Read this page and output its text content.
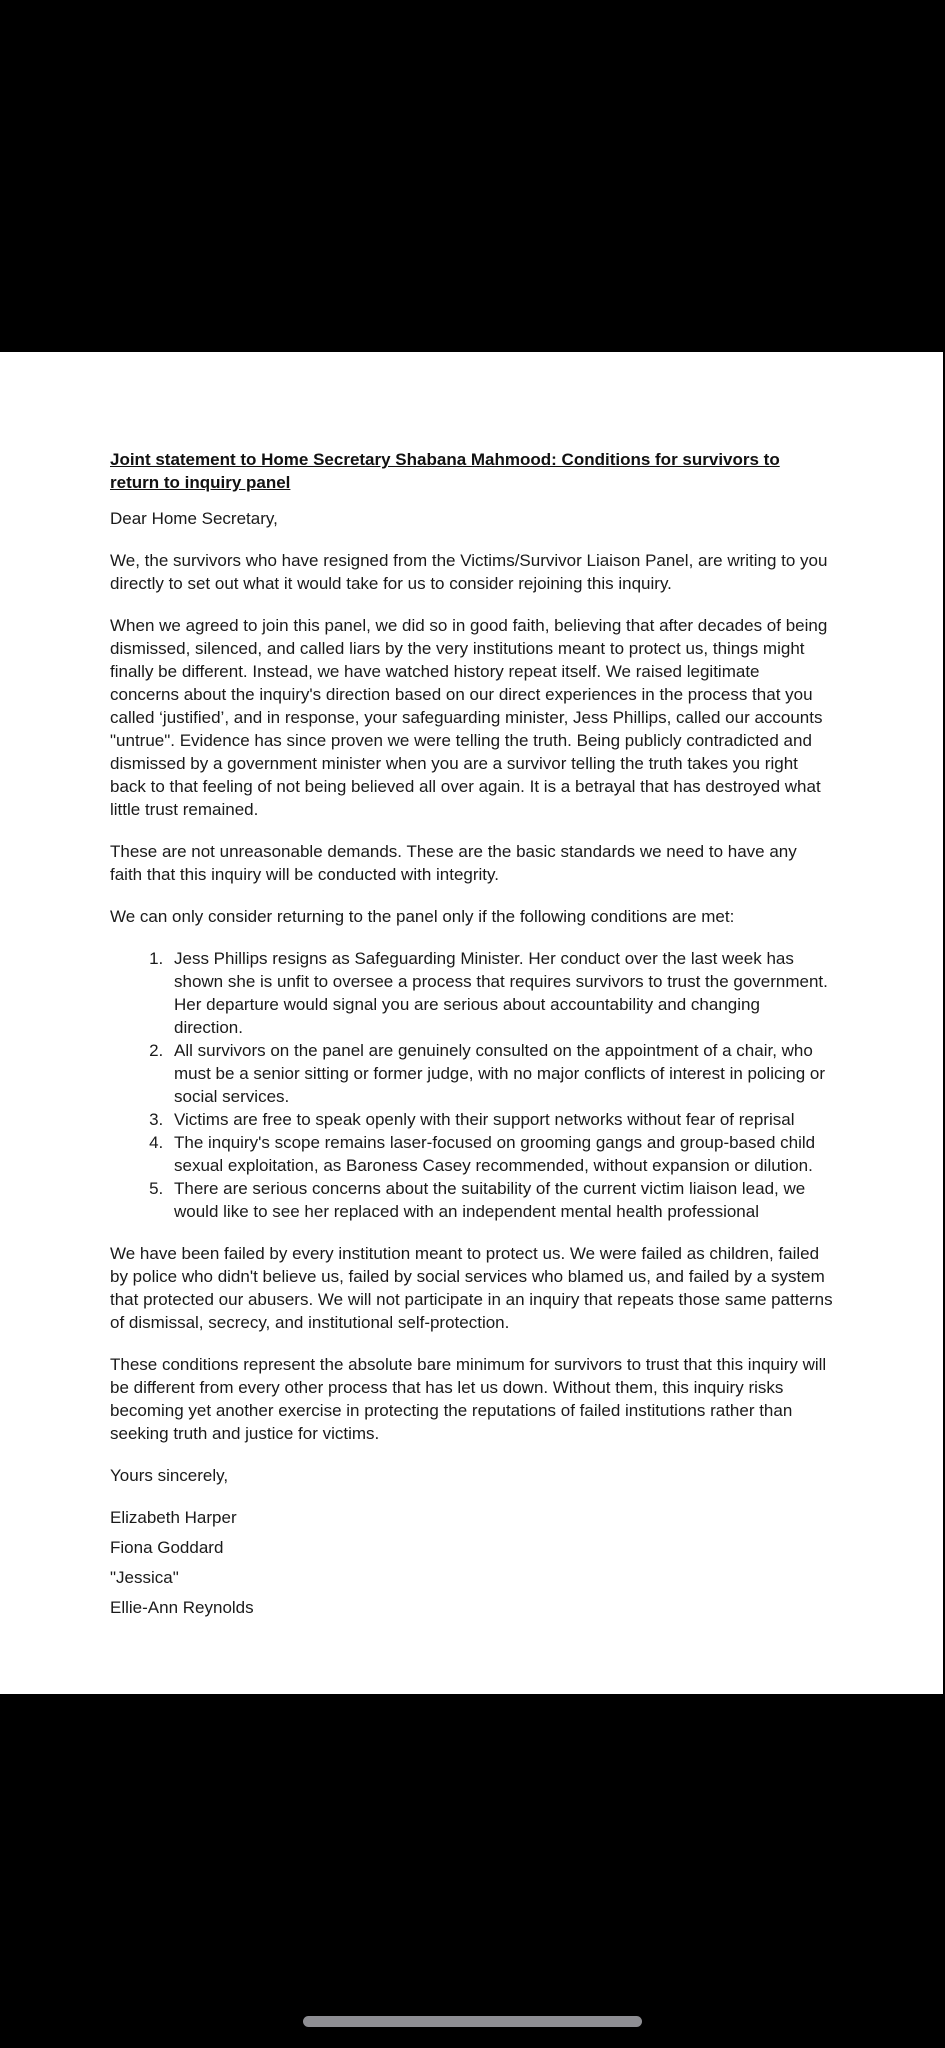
Joint statement to Home Secretary Shabana Mahmood: Conditions for survivors to return to inquiry panel

Dear Home Secretary,

We, the survivors who have resigned from the Victims/Survivor Liaison Panel, are writing to you directly to set out what it would take for us to consider rejoining this inquiry.

When we agreed to join this panel, we did so in good faith, believing that after decades of being dismissed, silenced, and called liars by the very institutions meant to protect us, things might finally be different. Instead, we have watched history repeat itself. We raised legitimate concerns about the inquiry's direction based on our direct experiences in the process that you called ‘justified’, and in response, your safeguarding minister, Jess Phillips, called our accounts "untrue". Evidence has since proven we were telling the truth. Being publicly contradicted and dismissed by a government minister when you are a survivor telling the truth takes you right back to that feeling of not being believed all over again. It is a betrayal that has destroyed what little trust remained.

These are not unreasonable demands. These are the basic standards we need to have any faith that this inquiry will be conducted with integrity.

We can only consider returning to the panel only if the following conditions are met:

1. Jess Phillips resigns as Safeguarding Minister. Her conduct over the last week has shown she is unfit to oversee a process that requires survivors to trust the government. Her departure would signal you are serious about accountability and changing direction.
2. All survivors on the panel are genuinely consulted on the appointment of a chair, who must be a senior sitting or former judge, with no major conflicts of interest in policing or social services.
3. Victims are free to speak openly with their support networks without fear of reprisal
4. The inquiry's scope remains laser-focused on grooming gangs and group-based child sexual exploitation, as Baroness Casey recommended, without expansion or dilution.
5. There are serious concerns about the suitability of the current victim liaison lead, we would like to see her replaced with an independent mental health professional

We have been failed by every institution meant to protect us. We were failed as children, failed by police who didn't believe us, failed by social services who blamed us, and failed by a system that protected our abusers. We will not participate in an inquiry that repeats those same patterns of dismissal, secrecy, and institutional self-protection.

These conditions represent the absolute bare minimum for survivors to trust that this inquiry will be different from every other process that has let us down. Without them, this inquiry risks becoming yet another exercise in protecting the reputations of failed institutions rather than seeking truth and justice for victims.

Yours sincerely,

Elizabeth Harper

Fiona Goddard

"Jessica"

Ellie-Ann Reynolds
